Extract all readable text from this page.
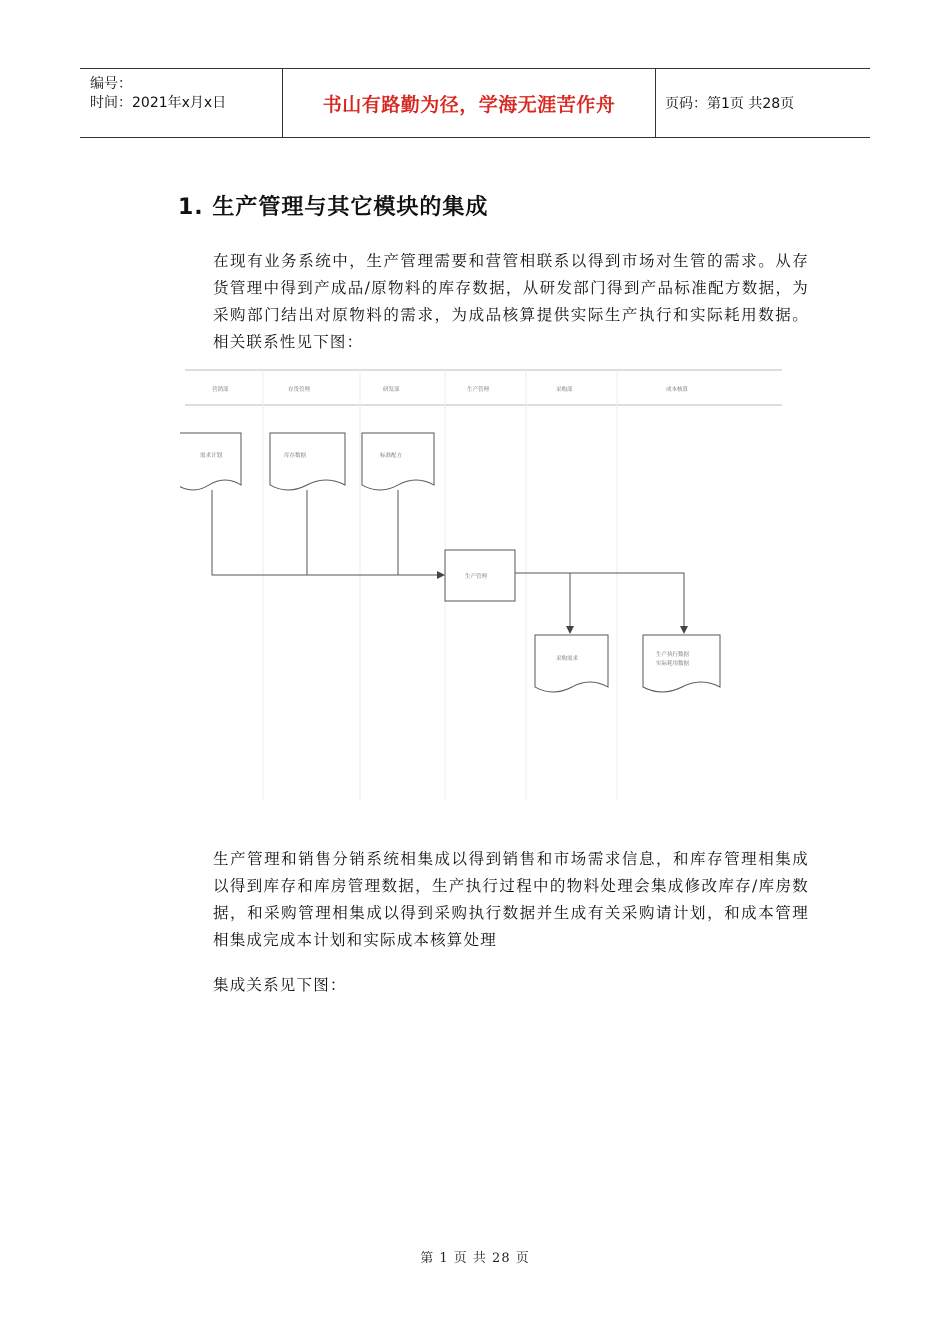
编号：
时间：2021年x月x日	书山有路勤为径，学海无涯苦作舟	页码：第1页 共28页
1. 生产管理与其它模块的集成

在现有业务系统中，生产管理需要和营管相联系以得到市场对生管的需求。从存货管理中得到产成品/原物料的库存数据，从研发部门得到产品标准配方数据，为采购部门结出对原物料的需求，为成品核算提供实际生产执行和实际耗用数据。相关联系性见下图：

营销部	存货管理	研发部	生产管理	采购部	成本核算
需求计划	库存数据	标准配方
生产管理
采购需求
生产执行数据
实际耗用数据

生产管理和销售分销系统相集成以得到销售和市场需求信息，和库存管理相集成以得到库存和库房管理数据，生产执行过程中的物料处理会集成修改库存/库房数据，和采购管理相集成以得到采购执行数据并生成有关采购请计划，和成本管理相集成完成本计划和实际成本核算处理

集成关系见下图：

第 1 页 共 28 页
